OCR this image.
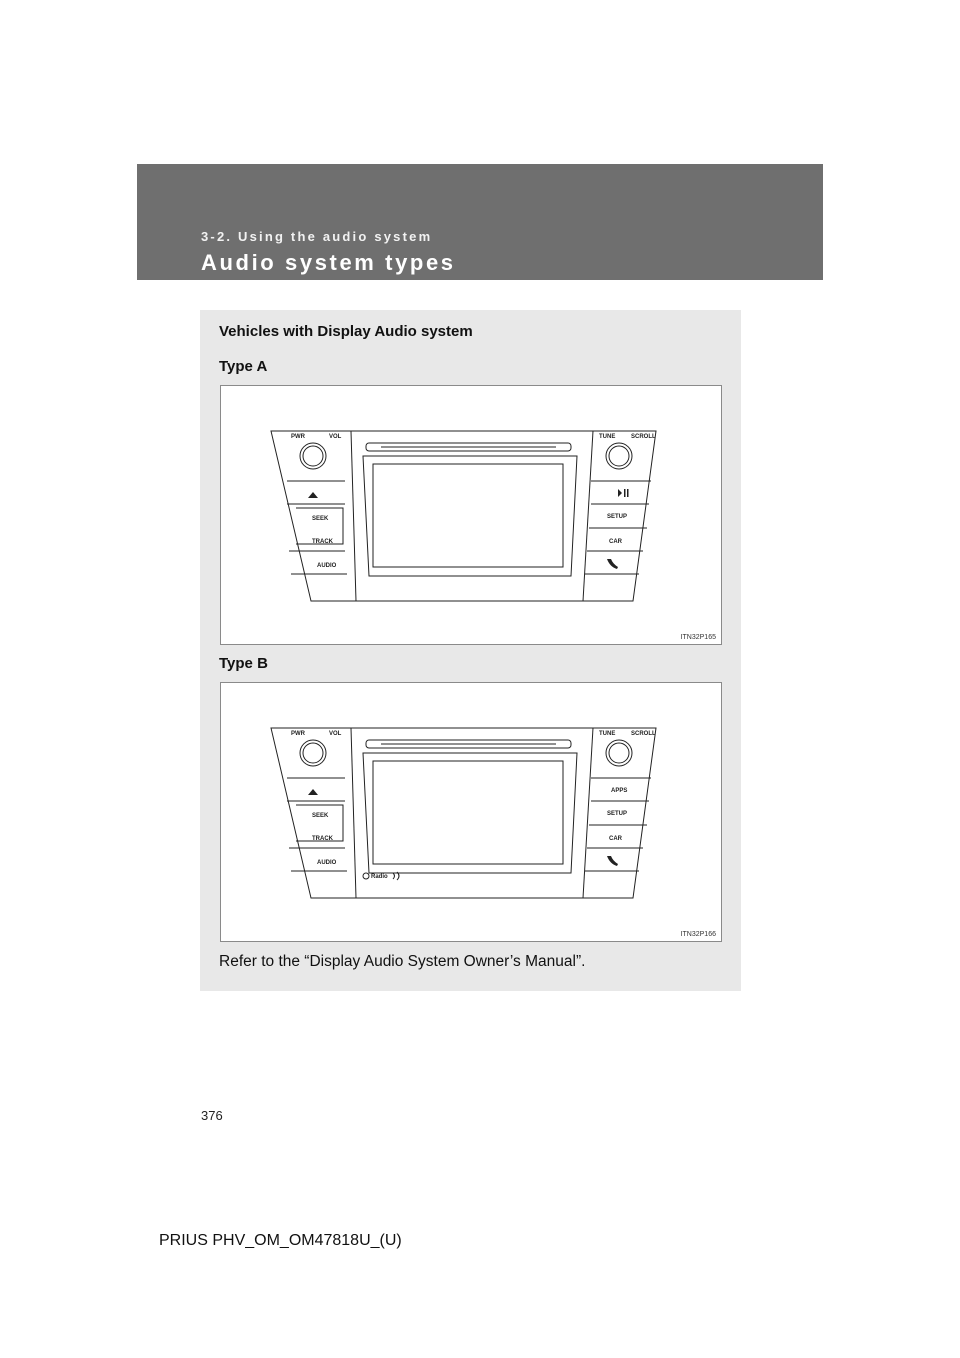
3-2. Using the audio system
Audio system types
Vehicles with Display Audio system
Type A
PWR	VOL
SEEK
TRACK
AUDIO
TUNE	SCROLL
SETUP
CAR
ITN32P165
Type B
PWR	VOL
SEEK
TRACK
AUDIO
TUNE	SCROLL
APPS
SETUP
CAR
Radio
ITN32P166
Refer to the “Display Audio System Owner’s Manual”.
376
PRIUS PHV_OM_OM47818U_(U)
